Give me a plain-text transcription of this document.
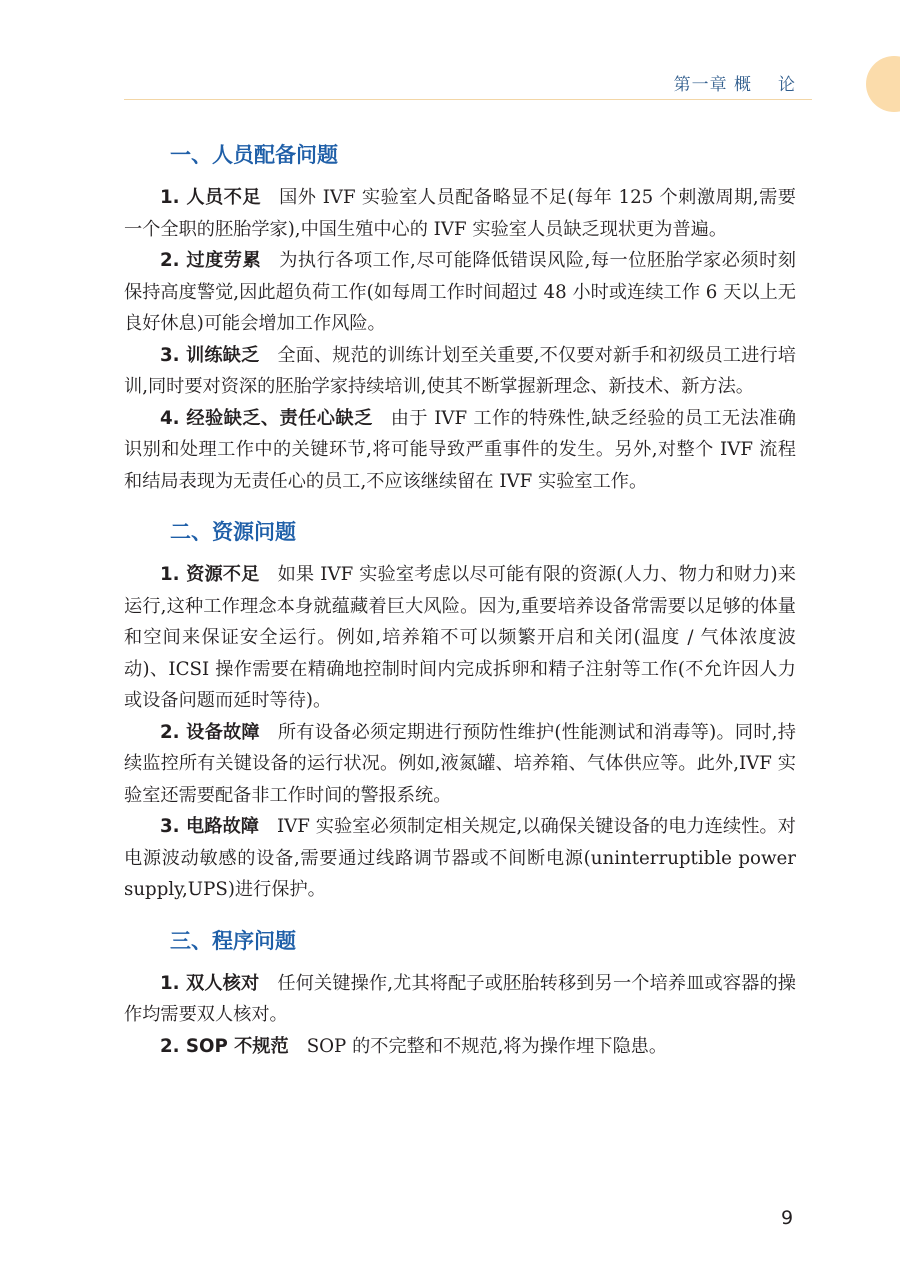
第一章 概 论
一、人员配备问题

1. 人员不足 国外 IVF 实验室人员配备略显不足(每年 125 个刺激周期,需要一个全职的胚胎学家),中国生殖中心的 IVF 实验室人员缺乏现状更为普遍。

2. 过度劳累 为执行各项工作,尽可能降低错误风险,每一位胚胎学家必须时刻保持高度警觉,因此超负荷工作(如每周工作时间超过 48 小时或连续工作 6 天以上无良好休息)可能会增加工作风险。

3. 训练缺乏 全面、规范的训练计划至关重要,不仅要对新手和初级员工进行培训,同时要对资深的胚胎学家持续培训,使其不断掌握新理念、新技术、新方法。

4. 经验缺乏、责任心缺乏 由于 IVF 工作的特殊性,缺乏经验的员工无法准确识别和处理工作中的关键环节,将可能导致严重事件的发生。另外,对整个 IVF 流程和结局表现为无责任心的员工,不应该继续留在 IVF 实验室工作。

二、资源问题

1. 资源不足 如果 IVF 实验室考虑以尽可能有限的资源(人力、物力和财力)来运行,这种工作理念本身就蕴藏着巨大风险。因为,重要培养设备常需要以足够的体量和空间来保证安全运行。例如,培养箱不可以频繁开启和关闭(温度 / 气体浓度波动)、ICSI 操作需要在精确地控制时间内完成拆卵和精子注射等工作(不允许因人力或设备问题而延时等待)。

2. 设备故障 所有设备必须定期进行预防性维护(性能测试和消毒等)。同时,持续监控所有关键设备的运行状况。例如,液氮罐、培养箱、气体供应等。此外,IVF 实验室还需要配备非工作时间的警报系统。

3. 电路故障 IVF 实验室必须制定相关规定,以确保关键设备的电力连续性。对电源波动敏感的设备,需要通过线路调节器或不间断电源(uninterruptible power supply,UPS)进行保护。

三、程序问题

1. 双人核对 任何关键操作,尤其将配子或胚胎转移到另一个培养皿或容器的操作均需要双人核对。

2. SOP 不规范 SOP 的不完整和不规范,将为操作埋下隐患。

9
